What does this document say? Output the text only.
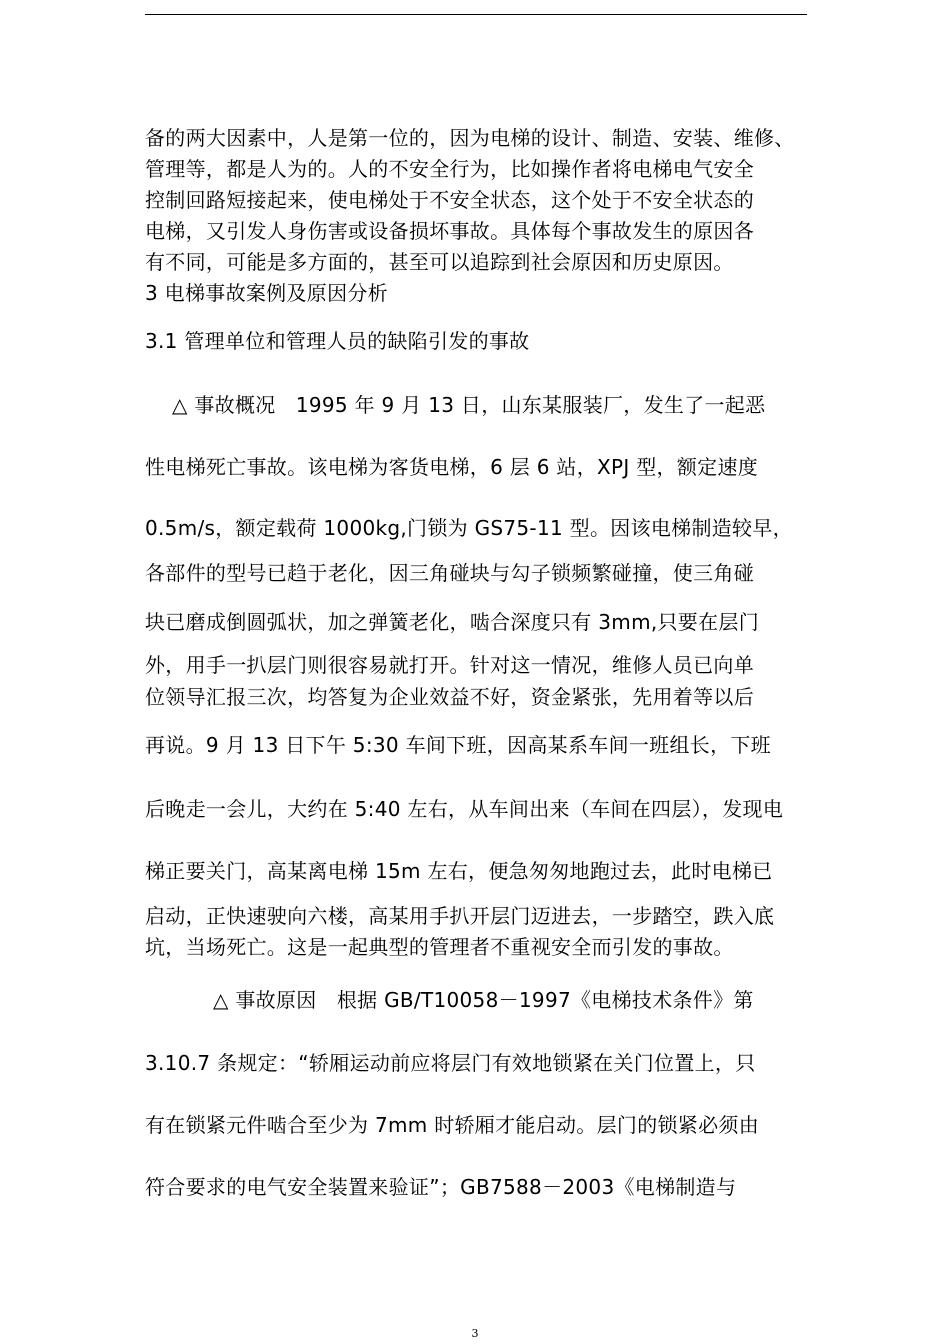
备的两大因素中，人是第一位的，因为电梯的设计、制造、安装、维修、
管理等，都是人为的。人的不安全行为，比如操作者将电梯电气安全
控制回路短接起来，使电梯处于不安全状态，这个处于不安全状态的
电梯，又引发人身伤害或设备损坏事故。具体每个事故发生的原因各
有不同，可能是多方面的，甚至可以追踪到社会原因和历史原因。
3 电梯事故案例及原因分析
3.1 管理单位和管理人员的缺陷引发的事故
△ 事故概况　1995 年 9 月 13 日，山东某服装厂，发生了一起恶
性电梯死亡事故。该电梯为客货电梯，6 层 6 站，XPJ 型，额定速度
0.5m/s，额定载荷 1000kg,门锁为 GS75-11 型。因该电梯制造较早，
各部件的型号已趋于老化，因三角碰块与勾子锁频繁碰撞，使三角碰
块已磨成倒圆弧状，加之弹簧老化，啮合深度只有 3mm,只要在层门
外，用手一扒层门则很容易就打开。针对这一情况，维修人员已向单
位领导汇报三次，均答复为企业效益不好，资金紧张，先用着等以后
再说。9 月 13 日下午 5:30 车间下班，因高某系车间一班组长，下班
后晚走一会儿，大约在 5:40 左右，从车间出来（车间在四层），发现电
梯正要关门，高某离电梯 15m 左右，便急匆匆地跑过去，此时电梯已
启动，正快速驶向六楼，高某用手扒开层门迈进去，一步踏空，跌入底
坑，当场死亡。这是一起典型的管理者不重视安全而引发的事故。
△ 事故原因　根据 GB/T10058－1997《电梯技术条件》第
3.10.7 条规定：“轿厢运动前应将层门有效地锁紧在关门位置上，只
有在锁紧元件啮合至少为 7mm 时轿厢才能启动。层门的锁紧必须由
符合要求的电气安全装置来验证”；GB7588－2003《电梯制造与
3
